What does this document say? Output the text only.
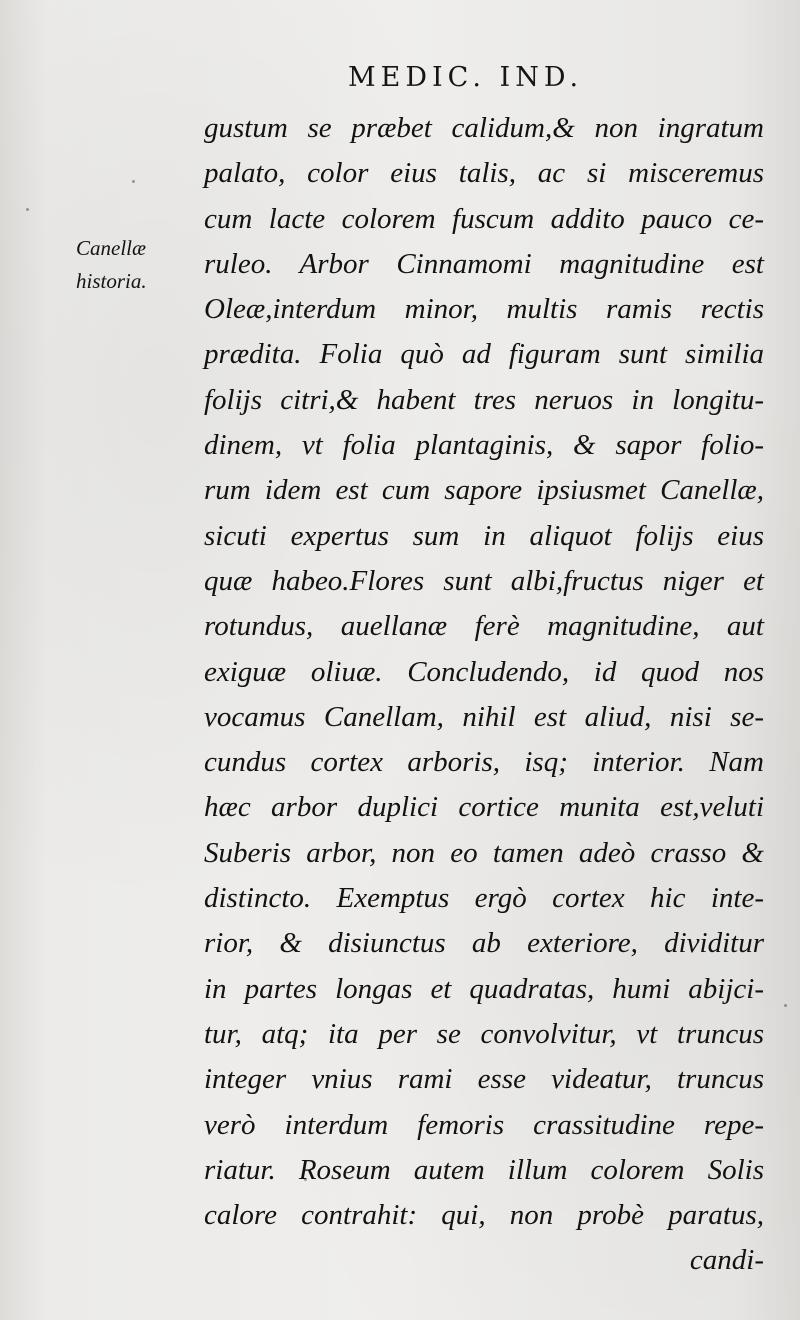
MEDIC. IND.
Canellæ
historia.
gustum se præbet calidum,& non ingratum
palato, color eius talis, ac si misceremus
cum lacte colorem fuscum addito pauco ce-
ruleo. Arbor Cinnamomi magnitudine est
Oleæ,interdum minor, multis ramis rectis
prædita. Folia quò ad figuram sunt similia
folijs citri,& habent tres neruos in longitu-
dinem, vt folia plantaginis, & sapor folio-
rum idem est cum sapore ipsiusmet Canellæ,
sicuti expertus sum in aliquot folijs eius
quæ habeo.Flores sunt albi,fructus niger et
rotundus, auellanæ ferè magnitudine, aut
exiguæ oliuæ. Concludendo, id quod nos
vocamus Canellam, nihil est aliud, nisi se-
cundus cortex arboris, isq; interior. Nam
hæc arbor duplici cortice munita est,veluti
Suberis arbor, non eo tamen adeò crasso &
distincto. Exemptus ergò cortex hic inte-
rior, & disiunctus ab exteriore, dividitur
in partes longas et quadratas, humi abijci-
tur, atq; ita per se convolvitur, vt truncus
integer vnius rami esse videatur, truncus
verò interdum femoris crassitudine repe-
riatur. Roseum autem illum colorem Solis
calore contrahit: qui, non probè paratus,
candi-
